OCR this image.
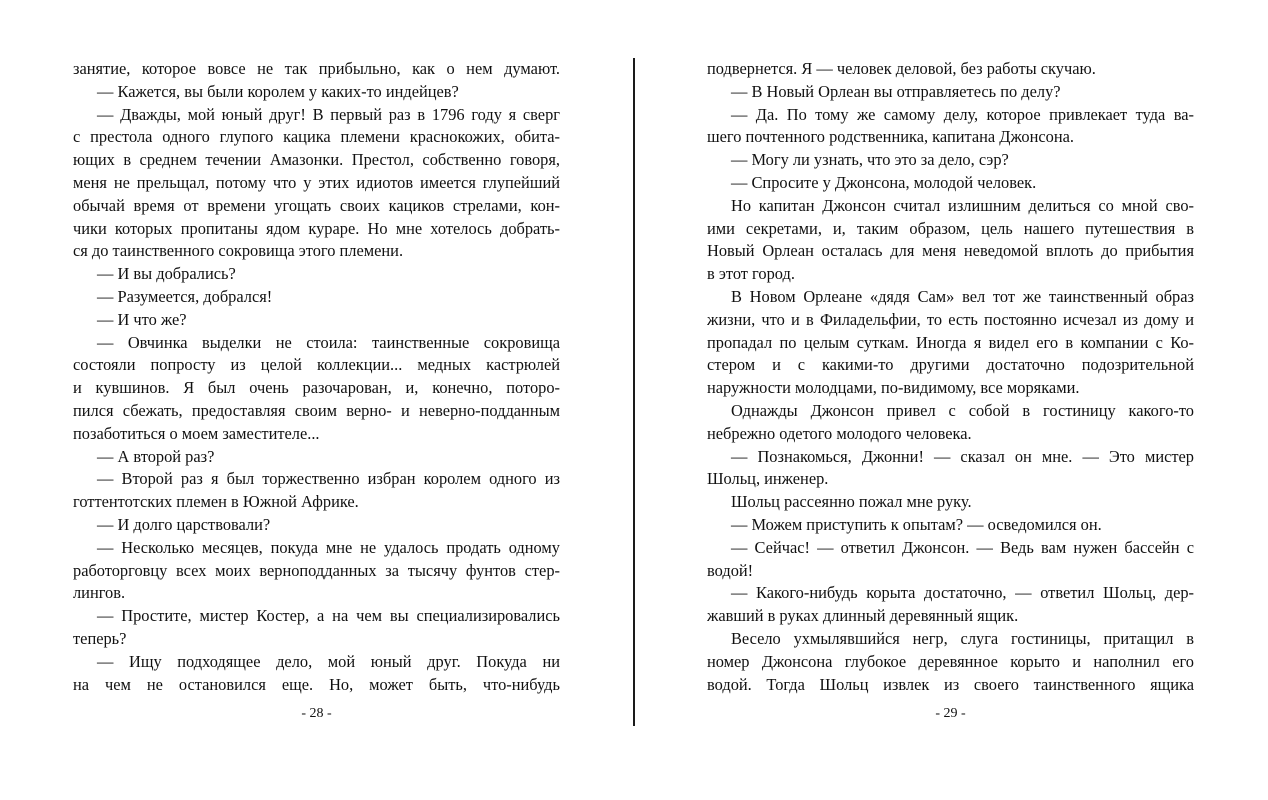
занятие, которое вовсе не так прибыльно, как о нем думают.
— Кажется, вы были королем у каких-то индейцев?
— Дважды, мой юный друг! В первый раз в 1796 году я сверг
с престола одного глупого кацика племени краснокожих, обита-
ющих в среднем течении Амазонки. Престол, собственно говоря,
меня не прельщал, потому что у этих идиотов имеется глупейший
обычай время от времени угощать своих кациков стрелами, кон-
чики которых пропитаны ядом кураре. Но мне хотелось добрать-
ся до таинственного сокровища этого племени.
— И вы добрались?
— Разумеется, добрался!
— И что же?
— Овчинка выделки не стоила: таинственные сокровища
состояли попросту из целой коллекции... медных кастрюлей
и кувшинов. Я был очень разочарован, и, конечно, поторо-
пился сбежать, предоставляя своим верно- и неверно-подданным
позаботиться о моем заместителе...
— А второй раз?
— Второй раз я был торжественно избран королем одного из
готтентотских племен в Южной Африке.
— И долго царствовали?
— Несколько месяцев, покуда мне не удалось продать одному
работорговцу всех моих верноподданных за тысячу фунтов стер-
лингов.
— Простите, мистер Костер, а на чем вы специализировались
теперь?
— Ищу подходящее дело, мой юный друг. Покуда ни
на чем не остановился еще. Но, может быть, что-нибудь
подвернется. Я — человек деловой, без работы скучаю.
— В Новый Орлеан вы отправляетесь по делу?
— Да. По тому же самому делу, которое привлекает туда ва-
шего почтенного родственника, капитана Джонсона.
— Могу ли узнать, что это за дело, сэр?
— Спросите у Джонсона, молодой человек.
Но капитан Джонсон считал излишним делиться со мной сво-
ими секретами, и, таким образом, цель нашего путешествия в
Новый Орлеан осталась для меня неведомой вплоть до прибытия
в этот город.
В Новом Орлеане «дядя Сам» вел тот же таинственный образ
жизни, что и в Филадельфии, то есть постоянно исчезал из дому и
пропадал по целым суткам. Иногда я видел его в компании с Ко-
стером и с какими-то другими достаточно подозрительной
наружности молодцами, по-видимому, все моряками.
Однажды Джонсон привел с собой в гостиницу какого-то
небрежно одетого молодого человека.
— Познакомься, Джонни! — сказал он мне. — Это мистер
Шольц, инженер.
Шольц рассеянно пожал мне руку.
— Можем приступить к опытам? — осведомился он.
— Сейчас! — ответил Джонсон. — Ведь вам нужен бассейн с
водой!
— Какого-нибудь корыта достаточно, — ответил Шольц, дер-
жавший в руках длинный деревянный ящик.
Весело ухмылявшийся негр, слуга гостиницы, притащил в
номер Джонсона глубокое деревянное корыто и наполнил его
водой. Тогда Шольц извлек из своего таинственного ящика
- 28 -	- 29 -
